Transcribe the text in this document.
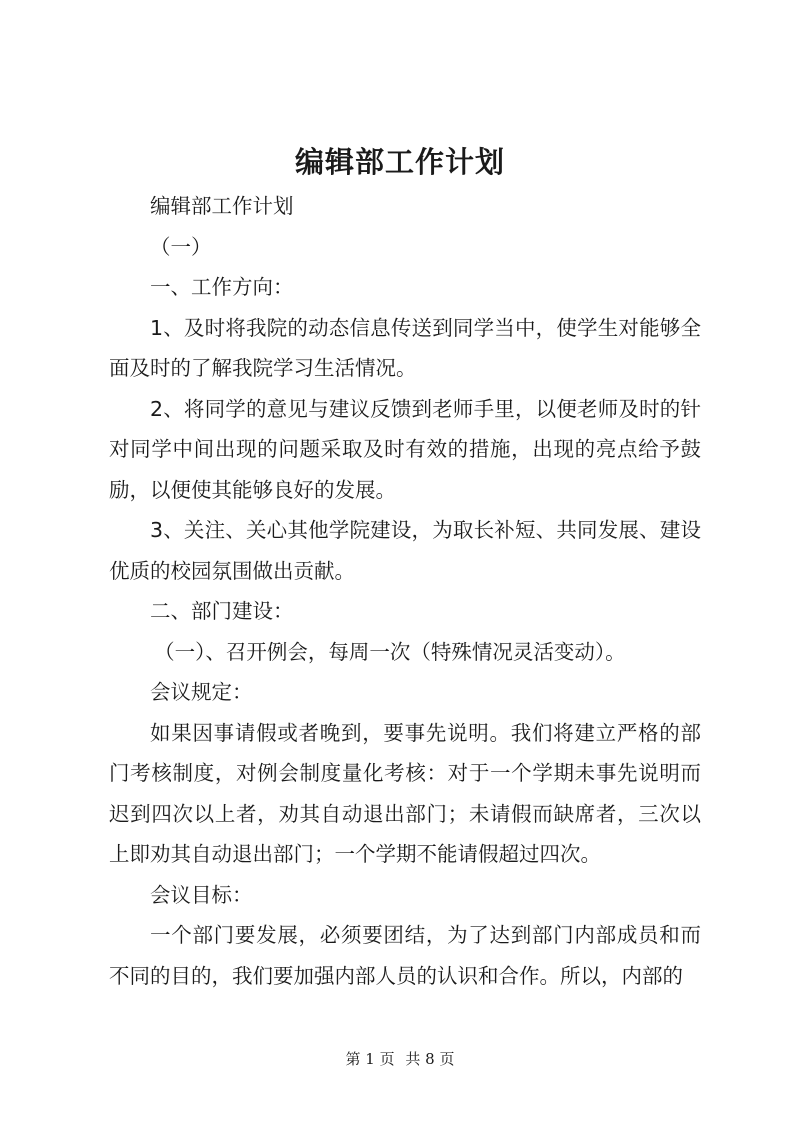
编辑部工作计划

编辑部工作计划

（一）

一、工作方向：

1、及时将我院的动态信息传送到同学当中，使学生对能够全面及时的了解我院学习生活情况。

2、将同学的意见与建议反馈到老师手里，以便老师及时的针对同学中间出现的问题采取及时有效的措施，出现的亮点给予鼓励，以便使其能够良好的发展。

3、关注、关心其他学院建设，为取长补短、共同发展、建设优质的校园氛围做出贡献。

二、部门建设：

（一）、召开例会，每周一次（特殊情况灵活变动）。

会议规定：

如果因事请假或者晚到，要事先说明。我们将建立严格的部门考核制度，对例会制度量化考核：对于一个学期未事先说明而迟到四次以上者，劝其自动退出部门；未请假而缺席者，三次以上即劝其自动退出部门；一个学期不能请假超过四次。

会议目标：

一个部门要发展，必须要团结，为了达到部门内部成员和而不同的目的，我们要加强内部人员的认识和合作。所以，内部的

第 1 页 共 8 页
